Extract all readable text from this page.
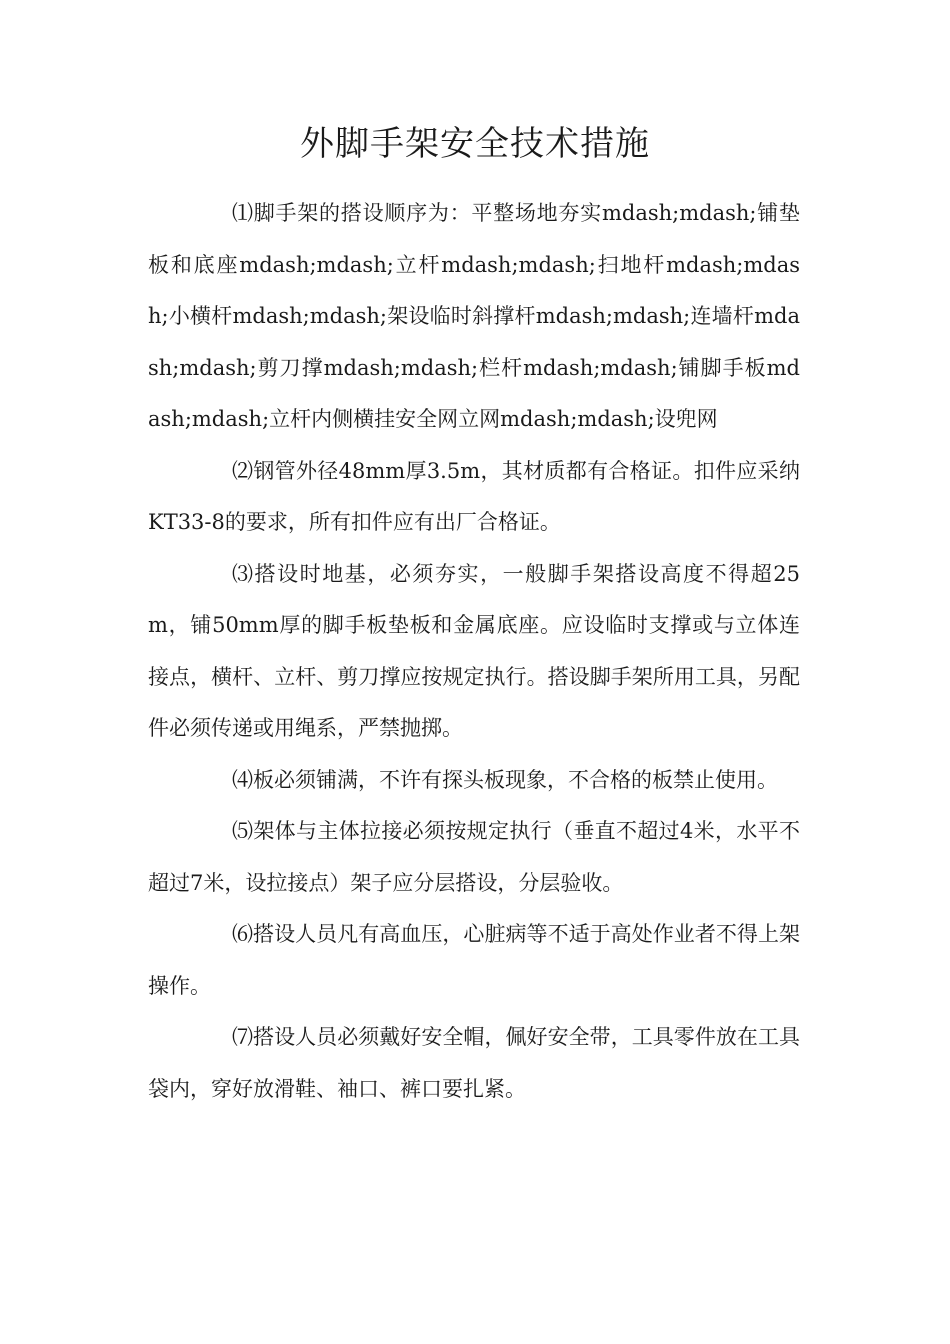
外脚手架安全技术措施

⑴脚手架的搭设顺序为：平整场地夯实mdash;mdash;铺垫板和底座mdash;mdash;立杆mdash;mdash;扫地杆mdash;mdash;小横杆mdash;mdash;架设临时斜撑杆mdash;mdash;连墙杆mdash;mdash;剪刀撑mdash;mdash;栏杆mdash;mdash;铺脚手板mdash;mdash;立杆内侧横挂安全网立网mdash;mdash;设兜网

⑵钢管外径48mm厚3.5m，其材质都有合格证。扣件应采纳KT33-8的要求，所有扣件应有出厂合格证。

⑶搭设时地基，必须夯实，一般脚手架搭设高度不得超25m，铺50mm厚的脚手板垫板和金属底座。应设临时支撑或与立体连接点，横杆、立杆、剪刀撑应按规定执行。搭设脚手架所用工具，另配件必须传递或用绳系，严禁抛掷。

⑷板必须铺满，不许有探头板现象，不合格的板禁止使用。

⑸架体与主体拉接必须按规定执行（垂直不超过4米，水平不超过7米，设拉接点）架子应分层搭设，分层验收。

⑹搭设人员凡有高血压，心脏病等不适于高处作业者不得上架操作。

⑺搭设人员必须戴好安全帽，佩好安全带，工具零件放在工具袋内，穿好放滑鞋、袖口、裤口要扎紧。
